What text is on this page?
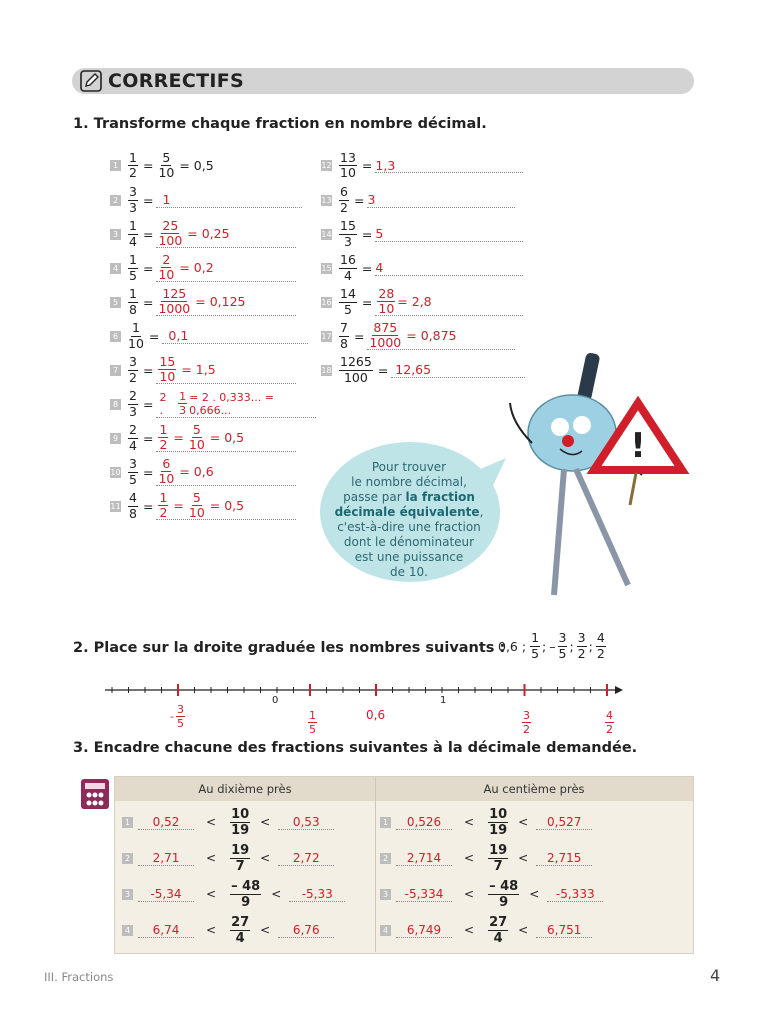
CORRECTIFS
1. Transforme chaque fraction en nombre décimal.
$1 \frac{1}{2} = \frac{5}{10} = 0,5$
$2 \frac{3}{3} = 1$
$3 \frac{1}{4} = \frac{25}{100} = 0,25$
$4 \frac{1}{5} = \frac{2}{10} = 0,2$
$5 \frac{1}{8} = \frac{125}{1000} = 0,125$
$6 \frac{1}{10} = 0,1$
$7 \frac{3}{2} = \frac{15}{10} = 1,5$
$8 \frac{2}{3} = 2$ .	$\frac{1}{3} = 2$ . 0,333... = 0,666...
$9 \frac{2}{4} = \frac{1}{2} = \frac{5}{10} = 0,5$
$10 \frac{3}{5} = \frac{6}{10} = 0,6$
$11 \frac{4}{8} = \frac{1}{2} = \frac{5}{10} = 0,5$
$12 \frac{13}{10} = 1,3$
$13 \frac{6}{2} = 3$
$14 \frac{15}{3} = 5$
$15 \frac{16}{4} = 4$
$16 \frac{14}{5} = \frac{28}{10} = 2,8$
$17 \frac{7}{8} = \frac{875}{1000} = 0,875$
$18 \frac{1265}{100} = 12,65$
Pour trouver
le nombre décimal,
passe par la fraction
décimale équivalente,
c'est-à-dire une fraction
dont le dénominateur
est une puissance
de 10.
!
2. Place sur la droite graduée les nombres suivants :
0,6 ; $\frac{1}{5}$ ; – $\frac{3}{5}$ ; $\frac{3}{2}$ ; $\frac{4}{2}$
0	1
- $\frac{3}{5}$	$\frac{1}{5}$	0,6	$\frac{3}{2}$	$\frac{4}{2}$
3. Encadre chacune des fractions suivantes à la décimale demandée.
Au dixième près	Au centième près
1 $0,52 < \frac{10}{19} < 0,53$	1 $0,526 < \frac{10}{19} < 0,527$
2 $2,71 < \frac{19}{7} < 2,72$	2 $2,714 < \frac{19}{7} < 2,715$
3 $-5,34 < \frac{- 48}{9} < -5,33$	3 $-5,334 < \frac{- 48}{9} < -5,333$
4 $6,74 < \frac{27}{4} < 6,76$	4 $6,749 < \frac{27}{4} < 6,751$
III. Fractions	4
